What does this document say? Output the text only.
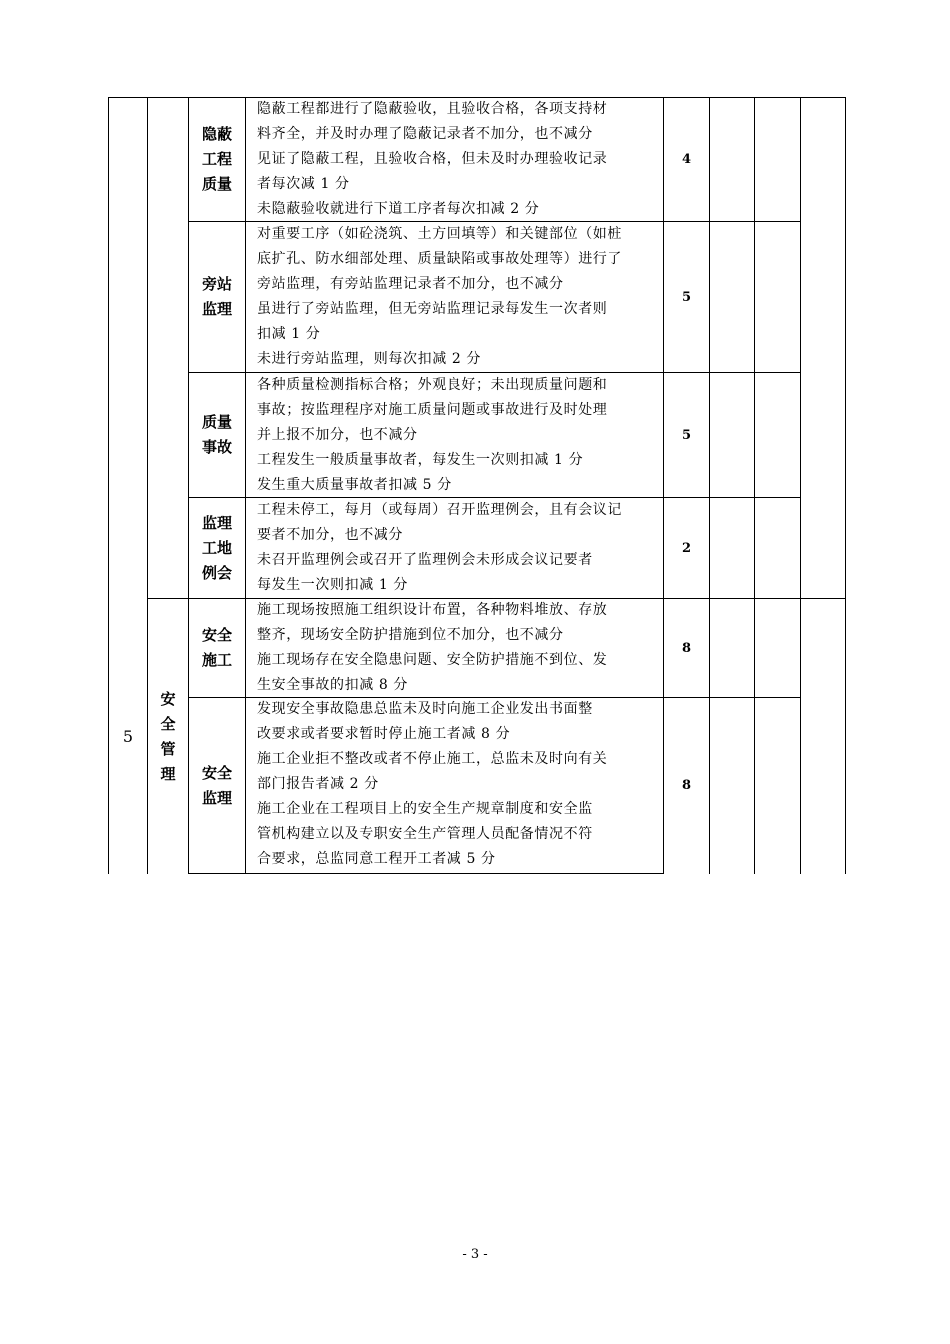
5
安全管理
隐蔽工程质量
隐蔽工程都进行了隐蔽验收，且验收合格，各项支持材
料齐全，并及时办理了隐蔽记录者不加分，也不减分
见证了隐蔽工程，且验收合格，但未及时办理验收记录
者每次减 1 分
未隐蔽验收就进行下道工序者每次扣减 2 分
4
旁站监理
对重要工序（如砼浇筑、土方回填等）和关键部位（如桩
底扩孔、防水细部处理、质量缺陷或事故处理等）进行了
旁站监理，有旁站监理记录者不加分，也不减分
虽进行了旁站监理，但无旁站监理记录每发生一次者则
扣减 1 分
未进行旁站监理，则每次扣减 2 分
5
质量事故
各种质量检测指标合格；外观良好；未出现质量问题和
事故；按监理程序对施工质量问题或事故进行及时处理
并上报不加分，也不减分
工程发生一般质量事故者，每发生一次则扣减 1 分
发生重大质量事故者扣减 5 分
5
监理工地例会
工程未停工，每月（或每周）召开监理例会，且有会议记
要者不加分，也不减分
未召开监理例会或召开了监理例会未形成会议记要者
每发生一次则扣减 1 分
2
安全施工
施工现场按照施工组织设计布置，各种物料堆放、存放
整齐，现场安全防护措施到位不加分，也不减分
施工现场存在安全隐患问题、安全防护措施不到位、发
生安全事故的扣减 8 分
8
安全监理
发现安全事故隐患总监未及时向施工企业发出书面整
改要求或者要求暂时停止施工者减 8 分
施工企业拒不整改或者不停止施工，总监未及时向有关
部门报告者减 2 分
施工企业在工程项目上的安全生产规章制度和安全监
管机构建立以及专职安全生产管理人员配备情况不符
合要求，总监同意工程开工者减 5 分
8
- 3 -
